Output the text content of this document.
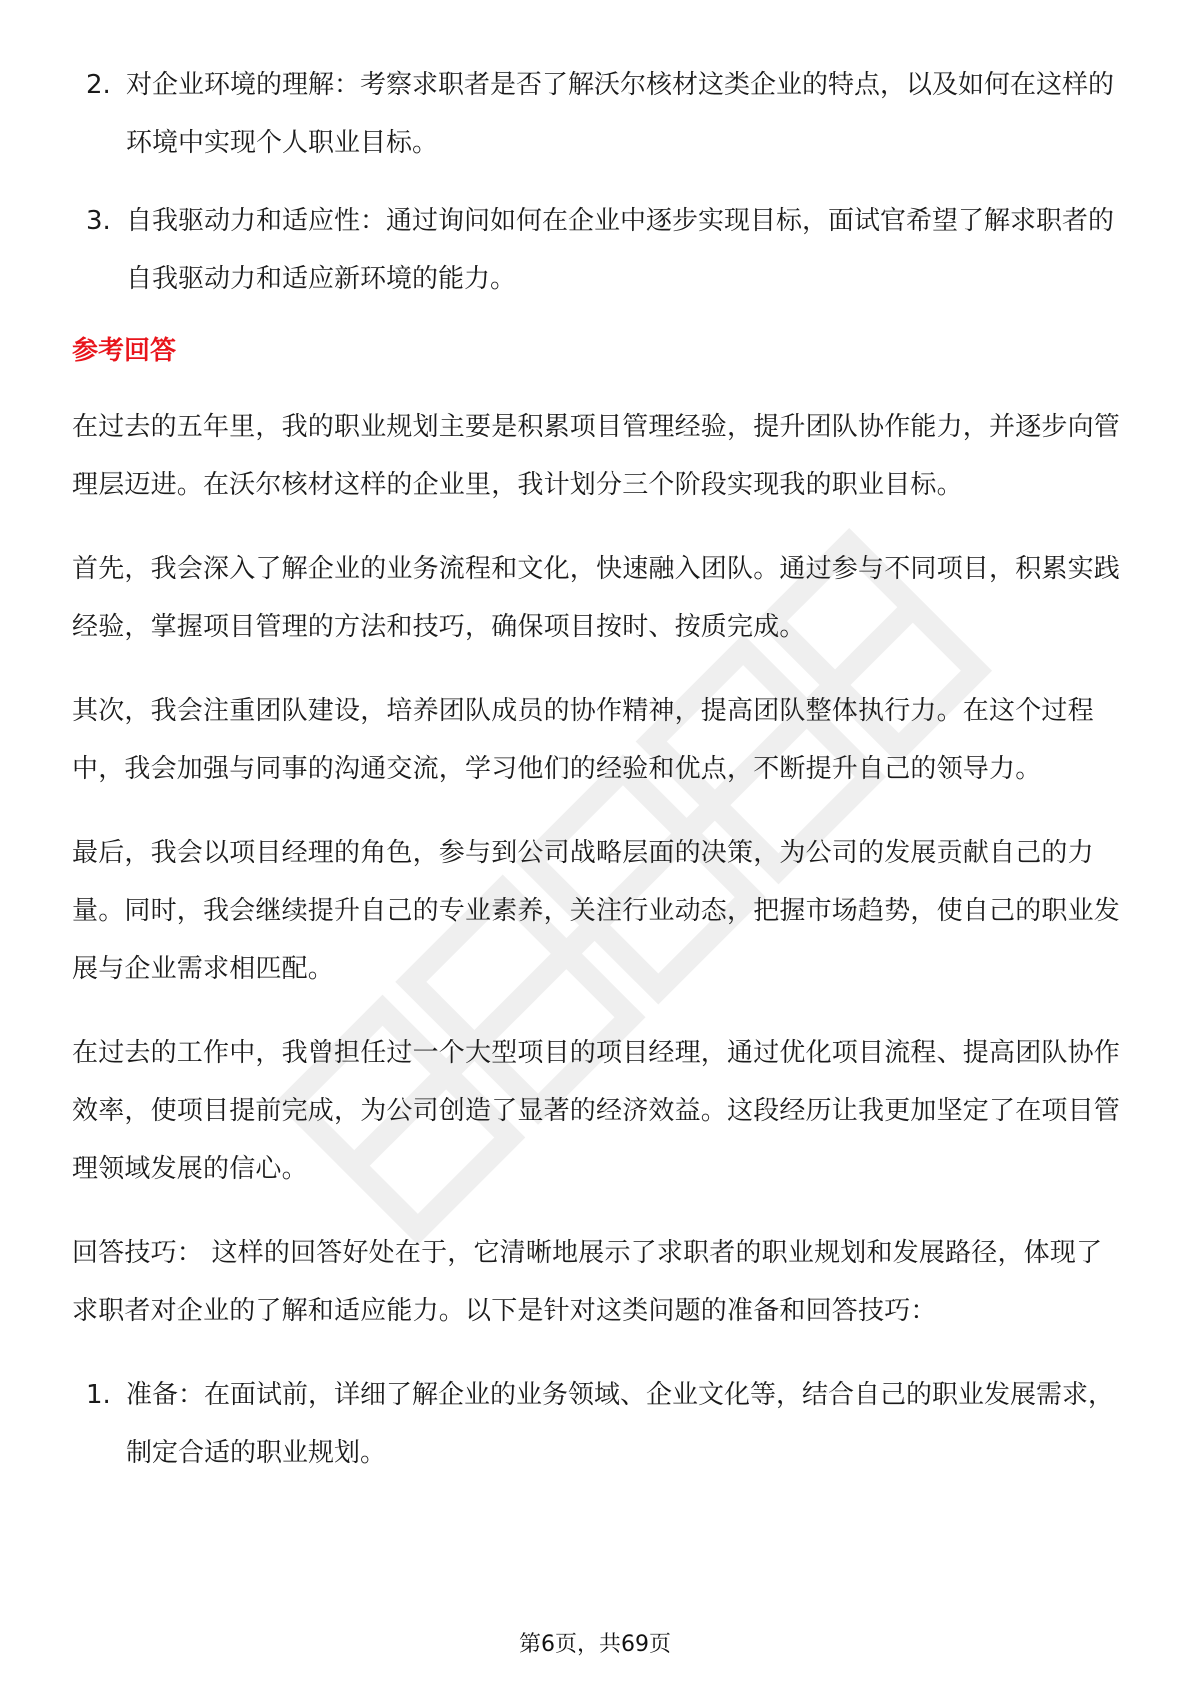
2. 对企业环境的理解：考察求职者是否了解沃尔核材这类企业的特点，以及如何在这样的环境中实现个人职业目标。
3. 自我驱动力和适应性：通过询问如何在企业中逐步实现目标，面试官希望了解求职者的自我驱动力和适应新环境的能力。
参考回答
在过去的五年里，我的职业规划主要是积累项目管理经验，提升团队协作能力，并逐步向管理层迈进。在沃尔核材这样的企业里，我计划分三个阶段实现我的职业目标。
首先，我会深入了解企业的业务流程和文化，快速融入团队。通过参与不同项目，积累实践经验，掌握项目管理的方法和技巧，确保项目按时、按质完成。
其次，我会注重团队建设，培养团队成员的协作精神，提高团队整体执行力。在这个过程中，我会加强与同事的沟通交流，学习他们的经验和优点，不断提升自己的领导力。
最后，我会以项目经理的角色，参与到公司战略层面的决策，为公司的发展贡献自己的力量。同时，我会继续提升自己的专业素养，关注行业动态，把握市场趋势，使自己的职业发展与企业需求相匹配。
在过去的工作中，我曾担任过一个大型项目的项目经理，通过优化项目流程、提高团队协作效率，使项目提前完成，为公司创造了显著的经济效益。这段经历让我更加坚定了在项目管理领域发展的信心。
回答技巧： 这样的回答好处在于，它清晰地展示了求职者的职业规划和发展路径，体现了求职者对企业的了解和适应能力。以下是针对这类问题的准备和回答技巧：
1. 准备：在面试前，详细了解企业的业务领域、企业文化等，结合自己的职业发展需求，制定合适的职业规划。
第6页，共69页
